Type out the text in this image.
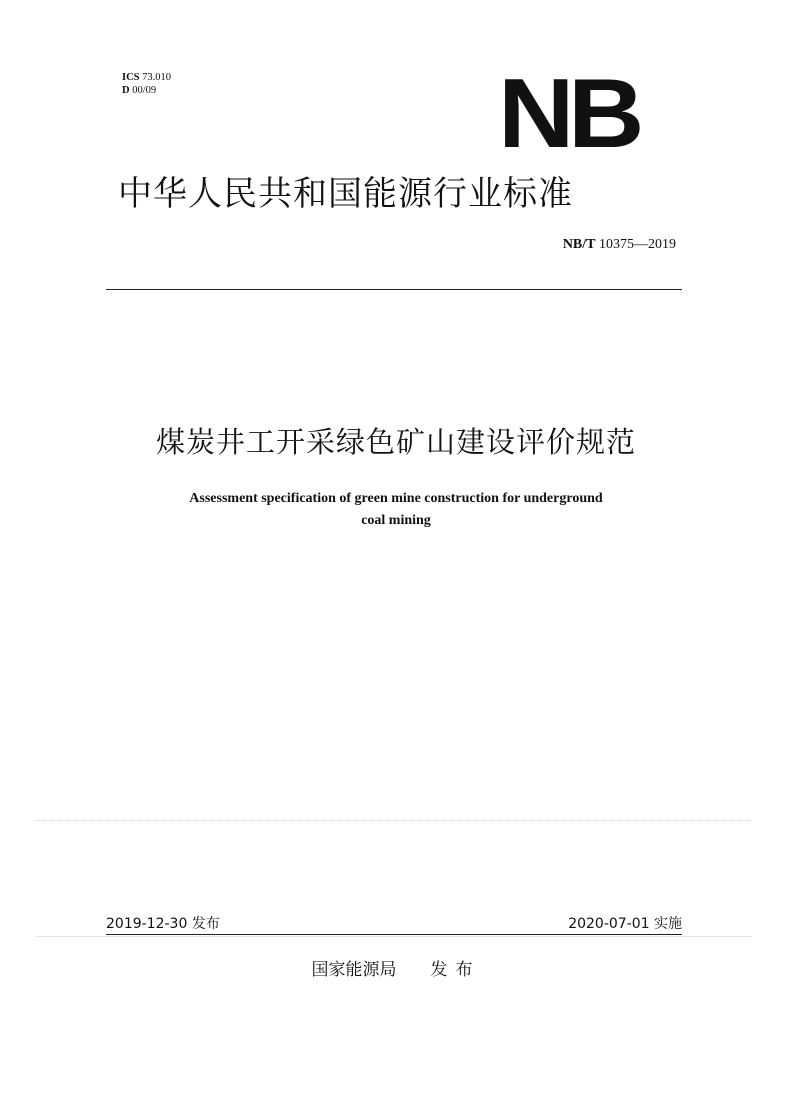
ICS 73.010
D 00/09	NB
中华人民共和国能源行业标准
NB/T 10375—2019
煤炭井工开采绿色矿山建设评价规范
Assessment specification of green mine construction for underground
coal mining
2019-12-30 发布	2020-07-01 实施
国家能源局 发布
